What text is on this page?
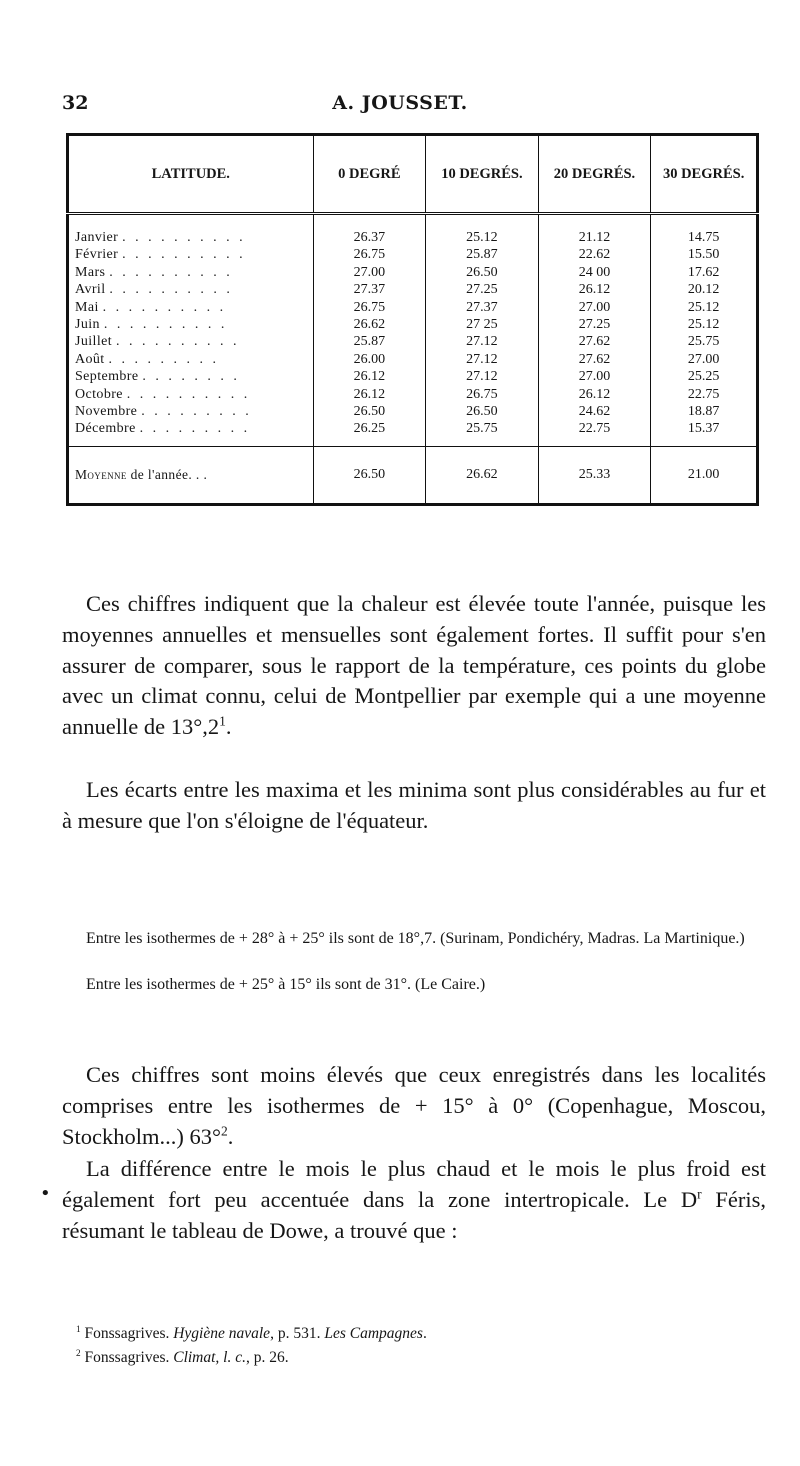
32	A. JOUSSET.
LATITUDE.	0 DEGRÉ	10 DEGRÉS.	20 DEGRÉS.	30 DEGRÉS.
Janvier . . . . . . . . . .	26.37	25.12	21.12	14.75
Février . . . . . . . . . .	26.75	25.87	22.62	15.50
Mars . . . . . . . . . .	27.00	26.50	24 00	17.62
Avril . . . . . . . . . .	27.37	27.25	26.12	20.12
Mai . . . . . . . . . .	26.75	27.37	27.00	25.12
Juin . . . . . . . . . .	26.62	27 25	27.25	25.12
Juillet . . . . . . . . . .	25.87	27.12	27.62	25.75
Août . . . . . . . . .	26.00	27.12	27.62	27.00
Septembre . . . . . . . .	26.12	27.12	27.00	25.25
Octobre . . . . . . . . . .	26.12	26.75	26.12	22.75
Novembre . . . . . . . . .	26.50	26.50	24.62	18.87
Décembre . . . . . . . . .	26.25	25.75	22.75	15.37
Moyenne de l'année. . .	26.50	26.62	25.33	21.00
Ces chiffres indiquent que la chaleur est élevée toute l'année, puisque les moyennes annuelles et mensuelles sont également fortes. Il suffit pour s'en assurer de comparer, sous le rapport de la température, ces points du globe avec un climat connu, celui de Montpellier par exemple qui a une moyenne annuelle de $13^\circ,2^1$.
Les écarts entre les maxima et les minima sont plus considérables au fur et à mesure que l'on s'éloigne de l'équateur.
Entre les isothermes de + 28° à + 25° ils sont de 18°,7. (Surinam, Pondichéry, Madras. La Martinique.)
Entre les isothermes de + 25° à 15° ils sont de 31°. (Le Caire.)
Ces chiffres sont moins élevés que ceux enregistrés dans les localités comprises entre les isothermes de + 15° à 0° (Copenhague, Moscou, Stockholm...) 63°$^2$.
•
La différence entre le mois le plus chaud et le mois le plus froid est également fort peu accentuée dans la zone intertropicale. Le $D^r$ Féris, résumant le tableau de Dowe, a trouvé que :
$^1$ Fonssagrives. Hygiène navale, p. 531. Les Campagnes.
$^2$ Fonssagrives. Climat, l. c., p. 26.
